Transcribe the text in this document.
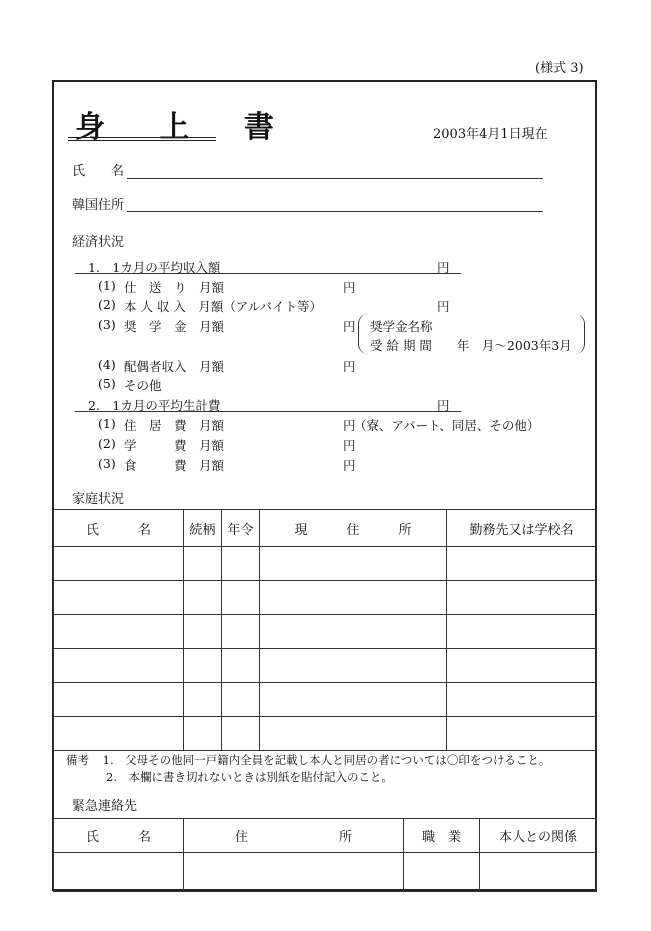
(様式 3)
身 上 書	2003年4月1日現在
氏　　名
韓国住所
経済状況
1.　1カ月の平均収入額	円
(1) 仕　送　り　月額	円
(2) 本 人 収 入　月額（アルバイト等）	円
(3) 奨　学　金　月額	円 奨学金名称
受 給 期 間　　年　月～2003年3月
(4) 配偶者収入　月額	円
(5) その他
2.　1カ月の平均生計費	円
(1) 住　居　費　月額	円
（寮、アパート、同居、その他）
(2) 学　　　費　月額	円
(3) 食　　　費　月額	円
家庭状況
氏　　　名	続柄	年令	現　　　住　　　所	勤務先又は学校名

備考 1.　父母その他同一戸籍内全員を記載し本人と同居の者については〇印をつけること。
2.　本欄に書き切れないときは別紙を貼付記入のこと。
緊急連絡先
氏　　　名	住　　　　　　　所	職　業	本人との関係
